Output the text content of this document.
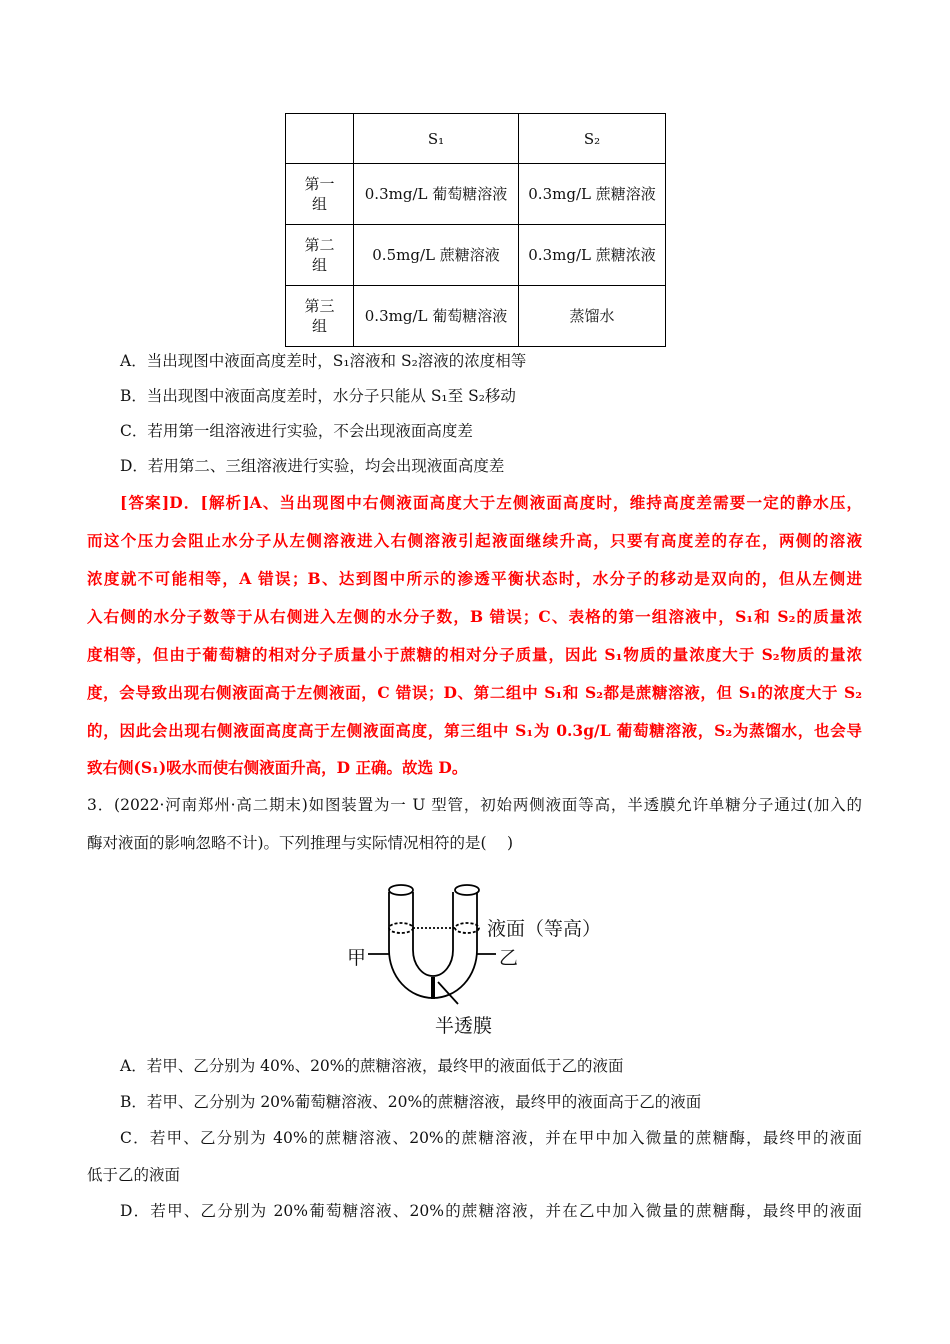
	S₁	S₂
第一
组	0.3mg/L 葡萄糖溶液	0.3mg/L 蔗糖溶液
第二
组	0.5mg/L 蔗糖溶液	0.3mg/L 蔗糖浓液
第三
组	0.3mg/L 葡萄糖溶液	蒸馏水
A．当出现图中液面高度差时，S₁溶液和 S₂溶液的浓度相等
B．当出现图中液面高度差时，水分子只能从 S₁至 S₂移动
C．若用第一组溶液进行实验，不会出现液面高度差
D．若用第二、三组溶液进行实验，均会出现液面高度差
[答案]D．[解析]A、当出现图中右侧液面高度大于左侧液面高度时，维持高度差需要一定的静水压，
而这个压力会阻止水分子从左侧溶液进入右侧溶液引起液面继续升高，只要有高度差的存在，两侧的溶液
浓度就不可能相等，A 错误；B、达到图中所示的渗透平衡状态时，水分子的移动是双向的，但从左侧进
入右侧的水分子数等于从右侧进入左侧的水分子数，B 错误；C、表格的第一组溶液中，S₁和 S₂的质量浓
度相等，但由于葡萄糖的相对分子质量小于蔗糖的相对分子质量，因此 S₁物质的量浓度大于 S₂物质的量浓
度，会导致出现右侧液面高于左侧液面，C 错误；D、第二组中 S₁和 S₂都是蔗糖溶液，但 S₁的浓度大于 S₂
的，因此会出现右侧液面高度高于左侧液面高度，第三组中 S₁为 0.3g/L 葡萄糖溶液，S₂为蒸馏水，也会导
致右侧(S₁)吸水而使右侧液面升高，D 正确。故选 D。
3．(2022·河南郑州·高二期末)如图装置为一 U 型管，初始两侧液面等高，半透膜允许单糖分子通过(加入的
酶对液面的影响忽略不计)。下列推理与实际情况相符的是(　 )
液面（等高）
甲	乙
半透膜
A．若甲、乙分别为 40%、20%的蔗糖溶液，最终甲的液面低于乙的液面
B．若甲、乙分别为 20%葡萄糖溶液、20%的蔗糖溶液，最终甲的液面高于乙的液面
C．若甲、乙分别为 40%的蔗糖溶液、20%的蔗糖溶液，并在甲中加入微量的蔗糖酶，最终甲的液面
低于乙的液面
D．若甲、乙分别为 20%葡萄糖溶液、20%的蔗糖溶液，并在乙中加入微量的蔗糖酶，最终甲的液面
